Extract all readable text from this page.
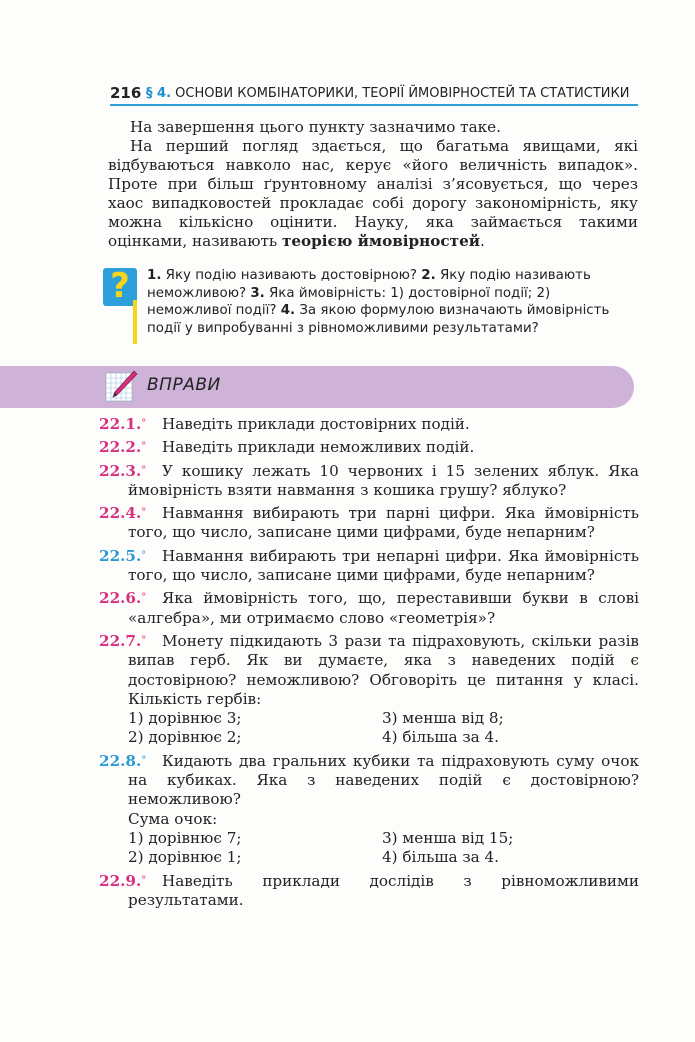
216 § 4. ОСНОВИ КОМБІНАТОРИКИ, ТЕОРІЇ ЙМОВІРНОСТЕЙ ТА СТАТИСТИКИ

На завершення цього пункту зазначимо таке.

На перший погляд здається, що багатьма явищами, які відбуваються навколо нас, керує «його величність випадок». Проте при більш ґрунтовному аналізі з’ясовується, що через хаос випадковостей прокладає собі дорогу закономірність, яку можна кількісно оцінити. Науку, яка займається такими оцінками, називають теорією ймовірностей.

?	1. Яку подію називають достовірною? 2. Яку подію називають неможливою? 3. Яка ймовірність: 1) достовірної події; 2) неможливої події? 4. За якою формулою визначають ймовірність події у випробуванні з рівноможливими результатами?
ВПРАВИ
22.1.°	Наведіть приклади достовірних подій.
22.2.°	Наведіть приклади неможливих подій.
22.3.°	У кошику лежать 10 червоних і 15 зелених яблук. Яка ймовірність взяти навмання з кошика грушу? яблуко?
22.4.°	Навмання вибирають три парні цифри. Яка ймовірність того, що число, записане цими цифрами, буде непарним?
22.5.°	Навмання вибирають три непарні цифри. Яка ймовірність того, що число, записане цими цифрами, буде непарним?
22.6.°	Яка ймовірність того, що, переставивши букви в слові «алгебра», ми отримаємо слово «геометрія»?
22.7.°	Монету підкидають 3 рази та підраховують, скільки разів випав герб. Як ви думаєте, яка з наведених подій є достовірною? неможливою? Обговоріть це питання у класі. Кількість гербів:
1) дорівнює 3;	3) менша від 8;
2) дорівнює 2;	4) більша за 4.
22.8.°	Кидають два гральних кубики та підраховують суму очок на кубиках. Яка з наведених подій є достовірною? неможливою?
Сума очок:
1) дорівнює 7;	3) менша від 15;
2) дорівнює 1;	4) більша за 4.
22.9.°	Наведіть приклади дослідів з рівноможливими результатами.
